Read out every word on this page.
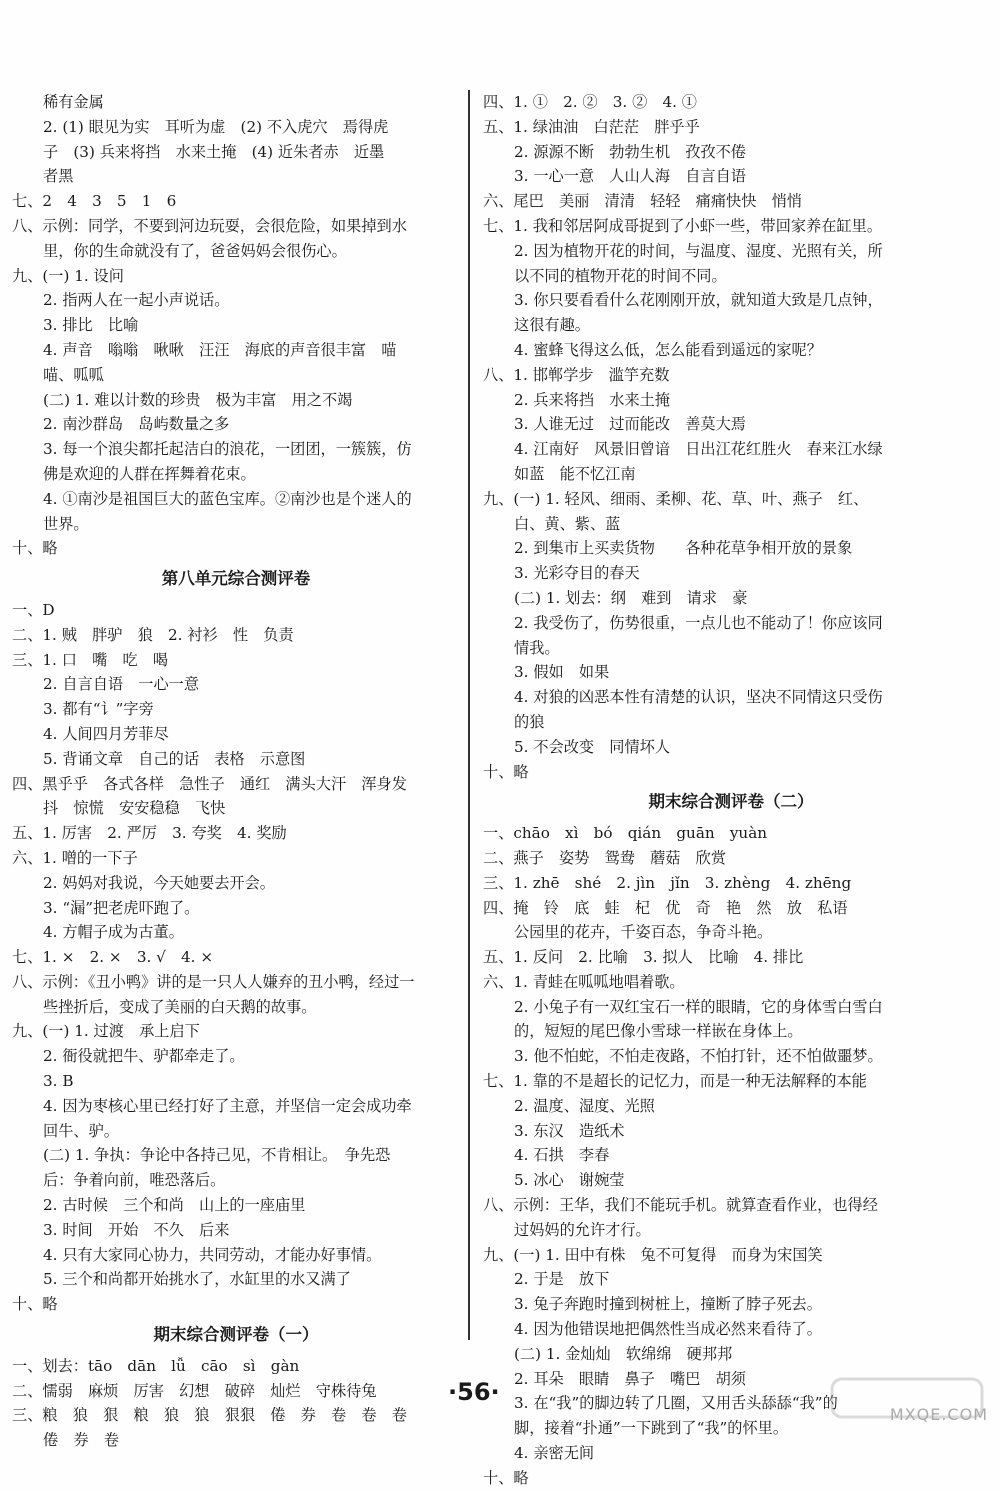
稀有金属
2. (1) 眼见为实　耳听为虚　(2) 不入虎穴　焉得虎
子　(3) 兵来将挡　水来土掩　(4) 近朱者赤　近墨
者黑
七、2　4　3　5　1　6
八、示例：同学，不要到河边玩耍，会很危险，如果掉到水
里，你的生命就没有了，爸爸妈妈会很伤心。
九、(一) 1. 设问
2. 指两人在一起小声说话。
3. 排比　比喻
4. 声音　嗡嗡　啾啾　汪汪　海底的声音很丰富　喵
喵、呱呱
(二) 1. 难以计数的珍贵　极为丰富　用之不竭
2. 南沙群岛　岛屿数量之多
3. 每一个浪尖都托起洁白的浪花，一团团，一簇簇，仿
佛是欢迎的人群在挥舞着花束。
4. ①南沙是祖国巨大的蓝色宝库。②南沙也是个迷人的
世界。
十、略
第八单元综合测评卷
一、D
二、1. 贼　胖驴　狼　2. 衬衫　性　负责
三、1. 口　嘴　吃　喝
2. 自言自语　一心一意
3. 都有“讠”字旁
4. 人间四月芳菲尽
5. 背诵文章　自己的话　表格　示意图
四、黑乎乎　各式各样　急性子　通红　满头大汗　浑身发
抖　惊慌　安安稳稳　飞快
五、1. 厉害　2. 严厉　3. 夸奖　4. 奖励
六、1. 噌的一下子
2. 妈妈对我说，今天她要去开会。
3. “漏”把老虎吓跑了。
4. 方帽子成为古董。
七、1. ×　2. ×　3. √　4. ×
八、示例：《丑小鸭》讲的是一只人人嫌弃的丑小鸭，经过一
些挫折后，变成了美丽的白天鹅的故事。
九、(一) 1. 过渡　承上启下
2. 衙役就把牛、驴都牵走了。
3. B
4. 因为枣核心里已经打好了主意，并坚信一定会成功牵
回牛、驴。
(二) 1. 争执：争论中各持己见，不肯相让。　争先恐
后：争着向前，唯恐落后。
2. 古时候　三个和尚　山上的一座庙里
3. 时间　开始　不久　后来
4. 只有大家同心协力，共同劳动，才能办好事情。
5. 三个和尚都开始挑水了，水缸里的水又满了
十、略
期末综合测评卷（一）
一、划去：tāo　dān　lǚ　cāo　sì　gàn
二、懦弱　麻烦　厉害　幻想　破碎　灿烂　守株待兔
三、粮　狼　狠　粮　狼　狼　狠狠　倦　券　卷　卷　卷
倦　券　卷
四、1. ①　2. ②　3. ②　4. ①
五、1. 绿油油　白茫茫　胖乎乎
2. 源源不断　勃勃生机　孜孜不倦
3. 一心一意　人山人海　自言自语
六、尾巴　美丽　清清　轻轻　痛痛快快　悄悄
七、1. 我和邻居阿成哥捉到了小虾一些，带回家养在缸里。
2. 因为植物开花的时间，与温度、湿度、光照有关，所
以不同的植物开花的时间不同。
3. 你只要看看什么花刚刚开放，就知道大致是几点钟，
这很有趣。
4. 蜜蜂飞得这么低，怎么能看到遥远的家呢？
八、1. 邯郸学步　滥竽充数
2. 兵来将挡　水来土掩
3. 人谁无过　过而能改　善莫大焉
4. 江南好　风景旧曾谙　日出江花红胜火　春来江水绿
如蓝　能不忆江南
九、(一) 1. 轻风、细雨、柔柳、花、草、叶、燕子　红、
白、黄、紫、蓝
2. 到集市上买卖货物　　各种花草争相开放的景象
3. 光彩夺目的春天
(二) 1. 划去：纲　难到　请求　豪
2. 我受伤了，伤势很重，一点儿也不能动了！你应该同
情我。
3. 假如　如果
4. 对狼的凶恶本性有清楚的认识，坚决不同情这只受伤
的狼
5. 不会改变　同情坏人
十、略
期末综合测评卷（二）
一、chāo　xì　bó　qián　guān　yuàn
二、燕子　姿势　鸳鸯　蘑菇　欣赏
三、1. zhē　shé　2. jìn　jǐn　3. zhèng　4. zhēng
四、掩　铃　底　蛙　杞　优　奇　艳　然　放　私语
公园里的花卉，千姿百态，争奇斗艳。
五、1. 反问　2. 比喻　3. 拟人　比喻　4. 排比
六、1. 青蛙在呱呱地唱着歌。
2. 小兔子有一双红宝石一样的眼睛，它的身体雪白雪白
的，短短的尾巴像小雪球一样嵌在身体上。
3. 他不怕蛇，不怕走夜路，不怕打针，还不怕做噩梦。
七、1. 靠的不是超长的记忆力，而是一种无法解释的本能
2. 温度、湿度、光照
3. 东汉　造纸术
4. 石拱　李春
5. 冰心　谢婉莹
八、示例：王华，我们不能玩手机。就算查看作业，也得经
过妈妈的允许才行。
九、(一) 1. 田中有株　兔不可复得　而身为宋国笑
2. 于是　放下
3. 兔子奔跑时撞到树桩上，撞断了脖子死去。
4. 因为他错误地把偶然性当成必然来看待了。
(二) 1. 金灿灿　软绵绵　硬邦邦
2. 耳朵　眼睛　鼻子　嘴巴　胡须
3. 在“我”的脚边转了几圈，又用舌头舔舔“我”的
脚，接着“扑通”一下跳到了“我”的怀里。
4. 亲密无间
十、略
·56·
MXQE.COM
